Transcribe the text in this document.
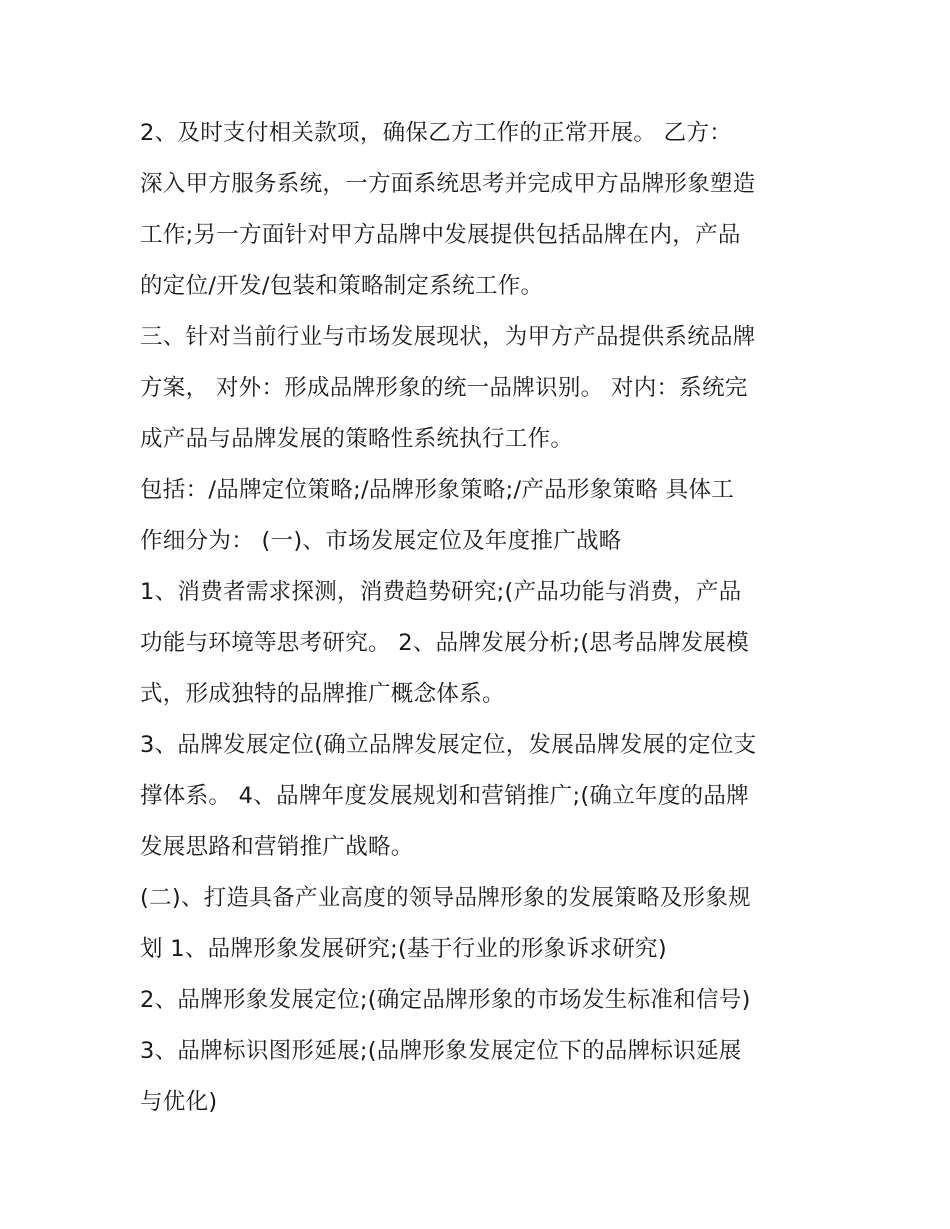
2、及时支付相关款项，确保乙方工作的正常开展。 乙方：
深入甲方服务系统，一方面系统思考并完成甲方品牌形象塑造
工作;另一方面针对甲方品牌中发展提供包括品牌在内，产品
的定位/开发/包装和策略制定系统工作。
三、针对当前行业与市场发展现状，为甲方产品提供系统品牌
方案， 对外：形成品牌形象的统一品牌识别。 对内：系统完
成产品与品牌发展的策略性系统执行工作。
包括：/品牌定位策略;/品牌形象策略;/产品形象策略 具体工
作细分为： (一)、市场发展定位及年度推广战略
1、消费者需求探测，消费趋势研究;(产品功能与消费，产品
功能与环境等思考研究。 2、品牌发展分析;(思考品牌发展模
式，形成独特的品牌推广概念体系。
3、品牌发展定位(确立品牌发展定位，发展品牌发展的定位支
撑体系。 4、品牌年度发展规划和营销推广;(确立年度的品牌
发展思路和营销推广战略。
(二)、打造具备产业高度的领导品牌形象的发展策略及形象规
划 1、品牌形象发展研究;(基于行业的形象诉求研究)
2、品牌形象发展定位;(确定品牌形象的市场发生标准和信号)
3、品牌标识图形延展;(品牌形象发展定位下的品牌标识延展
与优化)
